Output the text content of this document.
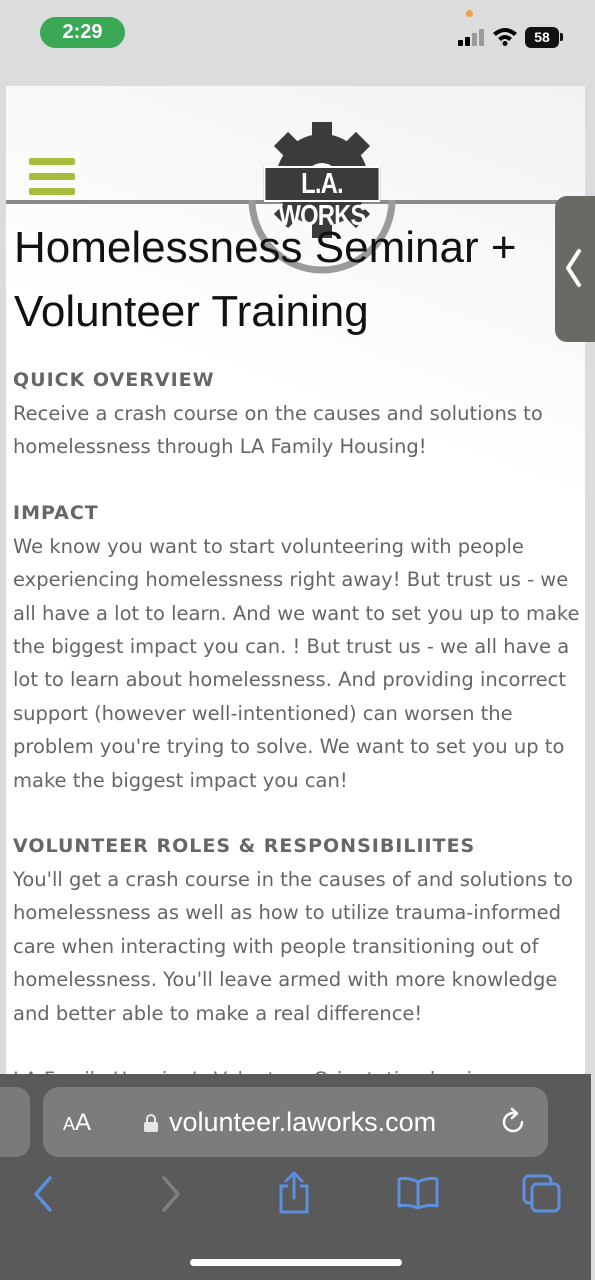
2:29	58
L.A. WORKS
Homelessness Seminar + Volunteer Training
QUICK OVERVIEW
Receive a crash course on the causes and solutions to homelessness through LA Family Housing!
IMPACT
We know you want to start volunteering with people experiencing homelessness right away! But trust us - we all have a lot to learn. And we want to set you up to make the biggest impact you can. ! But trust us - we all have a lot to learn about homelessness. And providing incorrect support (however well-intentioned) can worsen the problem you're trying to solve. We want to set you up to make the biggest impact you can!
VOLUNTEER ROLES & RESPONSIBILIITES
You'll get a crash course in the causes of and solutions to homelessness as well as how to utilize trauma-informed care when interacting with people transitioning out of homelessness. You'll leave armed with more knowledge and better able to make a real difference!
AA	volunteer.laworks.com
